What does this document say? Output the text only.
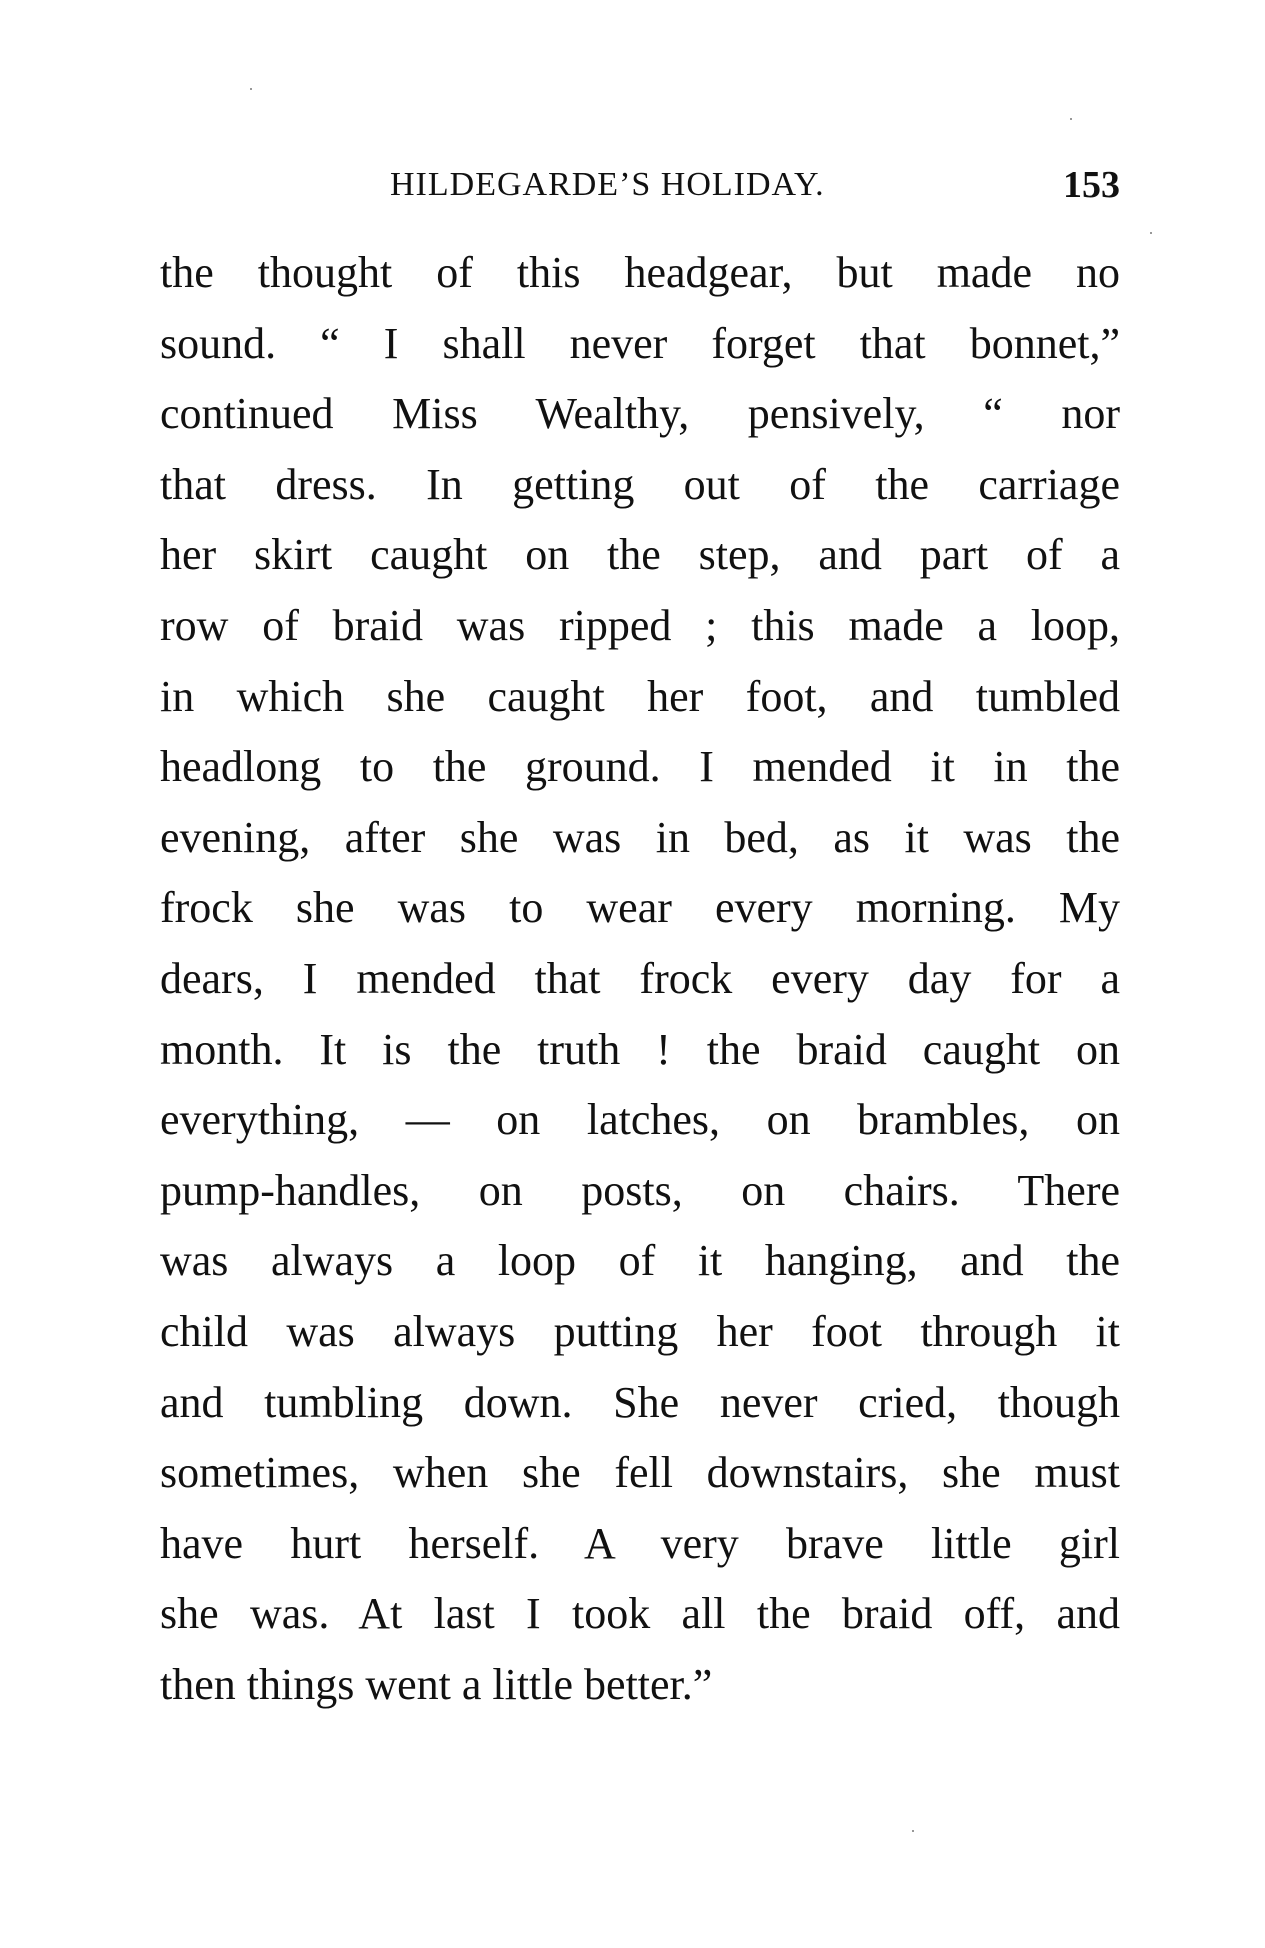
HILDEGARDE’S HOLIDAY.	153
the thought of this headgear, but made no
sound. “ I shall never forget that bonnet,”
continued Miss Wealthy, pensively, “ nor
that dress. In getting out of the carriage
her skirt caught on the step, and part of a
row of braid was ripped ; this made a loop,
in which she caught her foot, and tumbled
headlong to the ground. I mended it in the
evening, after she was in bed, as it was the
frock she was to wear every morning. My
dears, I mended that frock every day for a
month. It is the truth ! the braid caught on
everything, — on latches, on brambles, on
pump-handles, on posts, on chairs. There
was always a loop of it hanging, and the
child was always putting her foot through it
and tumbling down. She never cried, though
sometimes, when she fell downstairs, she must
have hurt herself. A very brave little girl
she was. At last I took all the braid off, and
then things went a little better.”
